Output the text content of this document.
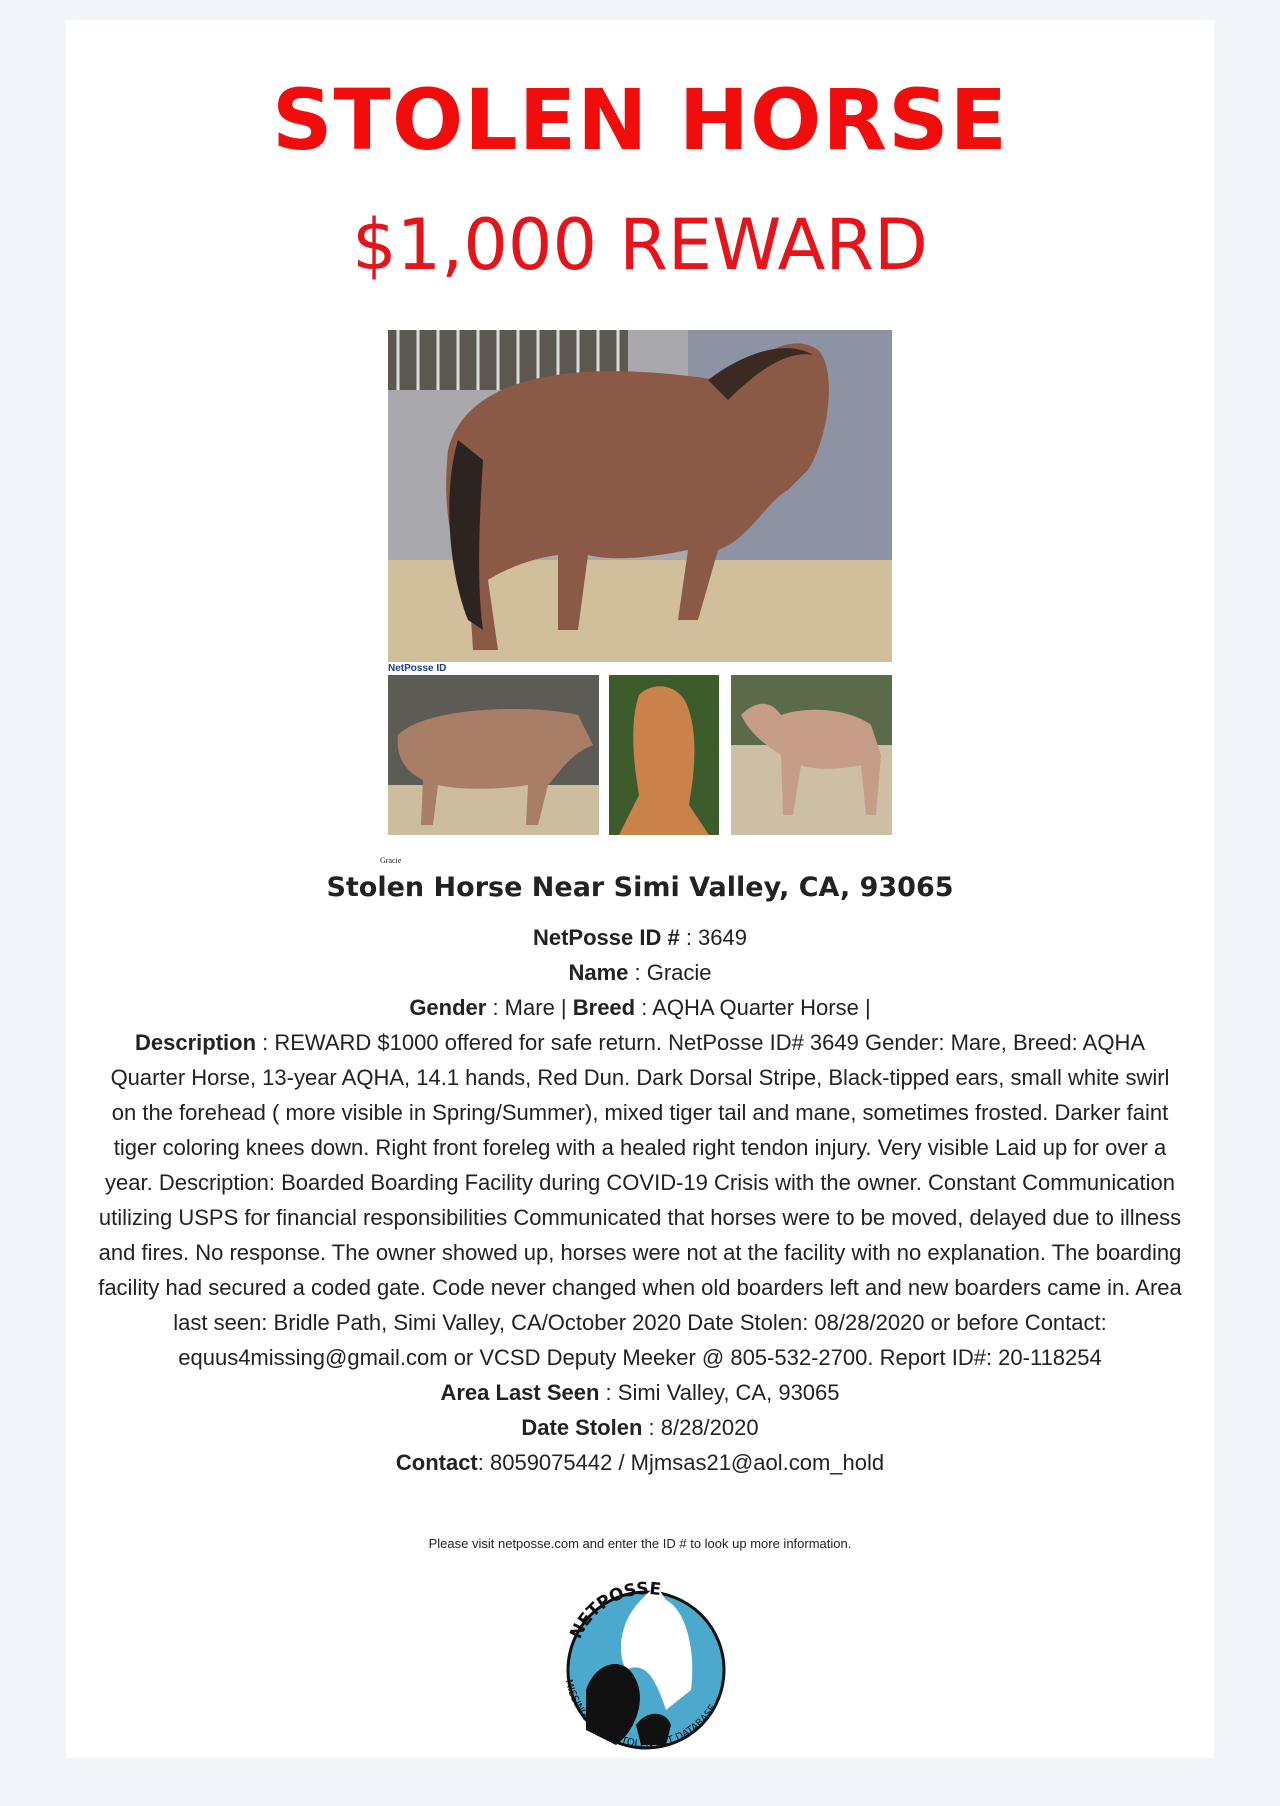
STOLEN HORSE
$1,000 REWARD
NetPosse ID
Gracie
Stolen Horse Near Simi Valley, CA, 93065
NetPosse ID # : 3649
Name : Gracie
Gender : Mare | Breed : AQHA Quarter Horse |
Description : REWARD $1000 offered for safe return. NetPosse ID# 3649 Gender: Mare, Breed: AQHA Quarter Horse, 13-year AQHA, 14.1 hands, Red Dun. Dark Dorsal Stripe, Black-tipped ears, small white swirl on the forehead ( more visible in Spring/Summer), mixed tiger tail and mane, sometimes frosted. Darker faint tiger coloring knees down. Right front foreleg with a healed right tendon injury. Very visible Laid up for over a year. Description: Boarded Boarding Facility during COVID-19 Crisis with the owner. Constant Communication utilizing USPS for financial responsibilities Communicated that horses were to be moved, delayed due to illness and fires. No response. The owner showed up, horses were not at the facility with no explanation. The boarding facility had secured a coded gate. Code never changed when old boarders left and new boarders came in. Area last seen: Bridle Path, Simi Valley, CA/October 2020 Date Stolen: 08/28/2020 or before Contact: equus4missing@gmail.com or VCSD Deputy Meeker @ 805-532-2700. Report ID#: 20-118254
Area Last Seen : Simi Valley, CA, 93065
Date Stolen : 8/28/2020
Contact: 8059075442 / Mjmsas21@aol.com_hold
Please visit netposse.com and enter the ID # to look up more information.
NETPOSSE
MISSING, LOST, STOLEN PET DATABASE
